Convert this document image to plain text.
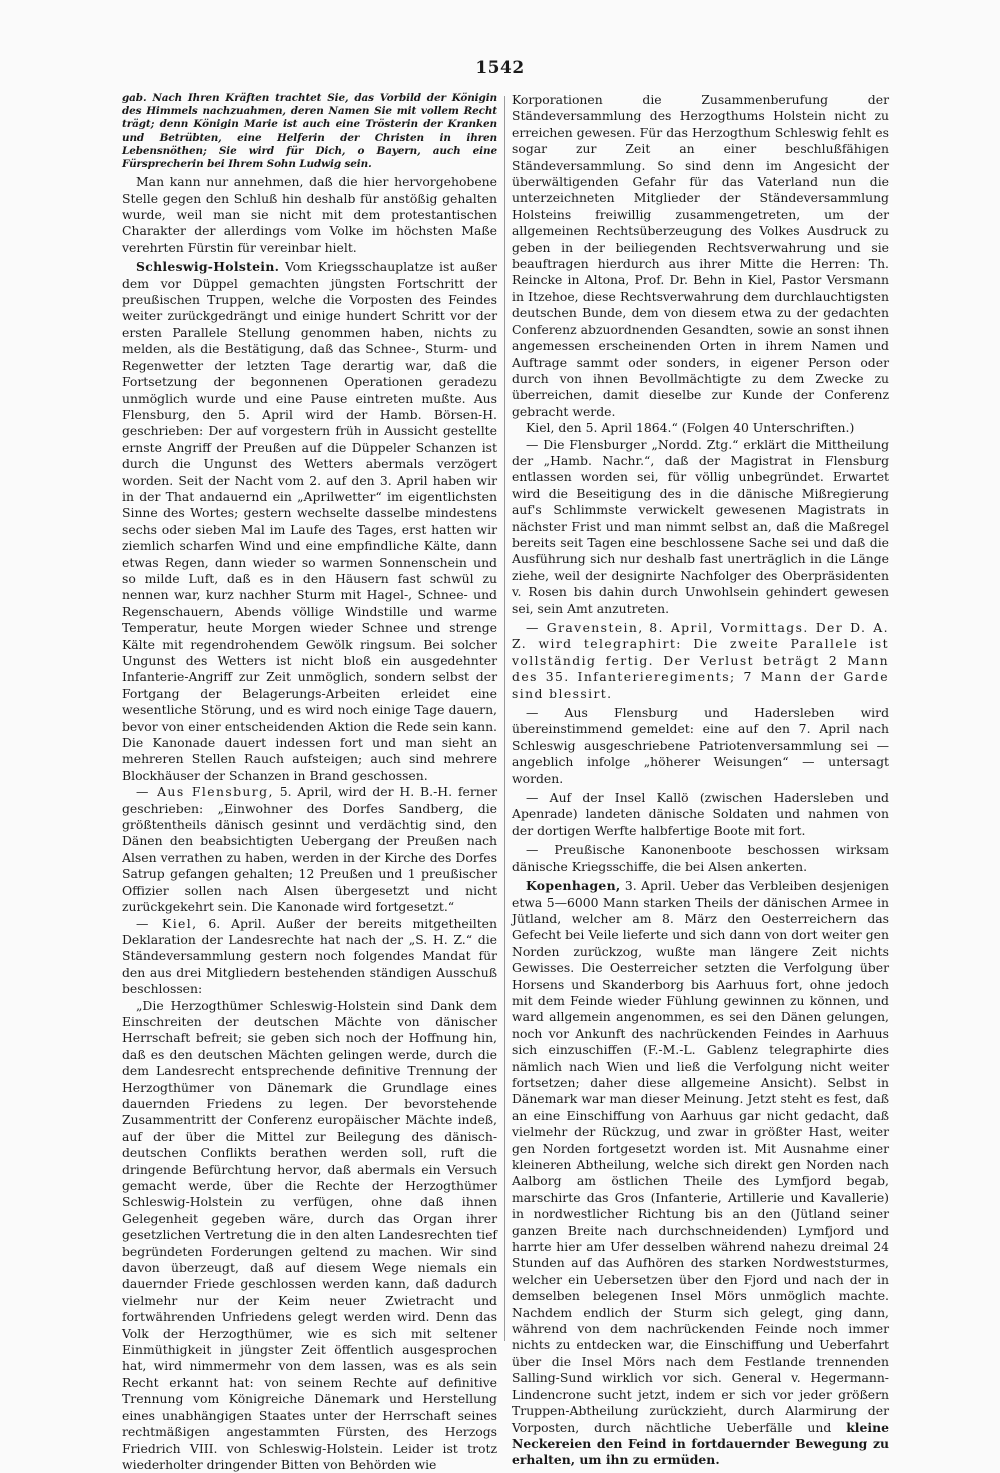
1542

gab. Nach Ihren Kräften trachtet Sie, das Vorbild der Königin des Himmels nachzuahmen, deren Namen Sie mit vollem Recht trägt; denn Königin Marie ist auch eine Trösterin der Kranken und Betrübten, eine Helferin der Christen in ihren Lebensnöthen; Sie wird für Dich, o Bayern, auch eine Fürsprecherin bei Ihrem Sohn Ludwig sein.

Man kann nur annehmen, daß die hier hervorgehobene Stelle gegen den Schluß hin deshalb für anstößig gehalten wurde, weil man sie nicht mit dem protestantischen Charakter der allerdings vom Volke im höchsten Maße verehrten Fürstin für vereinbar hielt.

Schleswig-Holstein. Vom Kriegsschauplatze ist außer dem vor Düppel gemachten jüngsten Fortschritt der preußischen Truppen, welche die Vorposten des Feindes weiter zurückgedrängt und einige hundert Schritt vor der ersten Parallele Stellung genommen haben, nichts zu melden, als die Bestätigung, daß das Schnee-, Sturm- und Regenwetter der letzten Tage derartig war, daß die Fortsetzung der begonnenen Operationen geradezu unmöglich wurde und eine Pause eintreten mußte. Aus Flensburg, den 5. April wird der Hamb. Börsen-H. geschrieben: Der auf vorgestern früh in Aussicht gestellte ernste Angriff der Preußen auf die Düppeler Schanzen ist durch die Ungunst des Wetters abermals verzögert worden. Seit der Nacht vom 2. auf den 3. April haben wir in der That andauernd ein „Aprilwetter“ im eigentlichsten Sinne des Wortes; gestern wechselte dasselbe mindestens sechs oder sieben Mal im Laufe des Tages, erst hatten wir ziemlich scharfen Wind und eine empfindliche Kälte, dann etwas Regen, dann wieder so warmen Sonnenschein und so milde Luft, daß es in den Häusern fast schwül zu nennen war, kurz nachher Sturm mit Hagel-, Schnee- und Regenschauern, Abends völlige Windstille und warme Temperatur, heute Morgen wieder Schnee und strenge Kälte mit regendrohendem Gewölk ringsum. Bei solcher Ungunst des Wetters ist nicht bloß ein ausgedehnter Infanterie-Angriff zur Zeit unmöglich, sondern selbst der Fortgang der Belagerungs-Arbeiten erleidet eine wesentliche Störung, und es wird noch einige Tage dauern, bevor von einer entscheidenden Aktion die Rede sein kann. Die Kanonade dauert indessen fort und man sieht an mehreren Stellen Rauch aufsteigen; auch sind mehrere Blockhäuser der Schanzen in Brand geschossen.

— Aus Flensburg, 5. April, wird der H. B.-H. ferner geschrieben: „Einwohner des Dorfes Sandberg, die größtentheils dänisch gesinnt und verdächtig sind, den Dänen den beabsichtigten Uebergang der Preußen nach Alsen verrathen zu haben, werden in der Kirche des Dorfes Satrup gefangen gehalten; 12 Preußen und 1 preußischer Offizier sollen nach Alsen übergesetzt und nicht zurückgekehrt sein. Die Kanonade wird fortgesetzt.“

— Kiel, 6. April. Außer der bereits mitgetheilten Deklaration der Landesrechte hat nach der „S. H. Z.“ die Ständeversammlung gestern noch folgendes Mandat für den aus drei Mitgliedern bestehenden ständigen Ausschuß beschlossen:

„Die Herzogthümer Schleswig-Holstein sind Dank dem Einschreiten der deutschen Mächte von dänischer Herrschaft befreit; sie geben sich noch der Hoffnung hin, daß es den deutschen Mächten gelingen werde, durch die dem Landesrecht entsprechende definitive Trennung der Herzogthümer von Dänemark die Grundlage eines dauernden Friedens zu legen. Der bevorstehende Zusammentritt der Conferenz europäischer Mächte indeß, auf der über die Mittel zur Beilegung des dänisch-deutschen Conflikts berathen werden soll, ruft die dringende Befürchtung hervor, daß abermals ein Versuch gemacht werde, über die Rechte der Herzogthümer Schleswig-Holstein zu verfügen, ohne daß ihnen Gelegenheit gegeben wäre, durch das Organ ihrer gesetzlichen Vertretung die in den alten Landesrechten tief begründeten Forderungen geltend zu machen. Wir sind davon überzeugt, daß auf diesem Wege niemals ein dauernder Friede geschlossen werden kann, daß dadurch vielmehr nur der Keim neuer Zwietracht und fortwährenden Unfriedens gelegt werden wird. Denn das Volk der Herzogthümer, wie es sich mit seltener Einmüthigkeit in jüngster Zeit öffentlich ausgesprochen hat, wird nimmermehr von dem lassen, was es als sein Recht erkannt hat: von seinem Rechte auf definitive Trennung vom Königreiche Dänemark und Herstellung eines unabhängigen Staates unter der Herrschaft seines rechtmäßigen angestammten Fürsten, des Herzogs Friedrich VIII. von Schleswig-Holstein. Leider ist trotz wiederholter dringender Bitten von Behörden wie

Korporationen die Zusammenberufung der Ständeversammlung des Herzogthums Holstein nicht zu erreichen gewesen. Für das Herzogthum Schleswig fehlt es sogar zur Zeit an einer beschlußfähigen Ständeversammlung. So sind denn im Angesicht der überwältigenden Gefahr für das Vaterland nun die unterzeichneten Mitglieder der Ständeversammlung Holsteins freiwillig zusammengetreten, um der allgemeinen Rechtsüberzeugung des Volkes Ausdruck zu geben in der beiliegenden Rechtsverwahrung und sie beauftragen hierdurch aus ihrer Mitte die Herren: Th. Reincke in Altona, Prof. Dr. Behn in Kiel, Pastor Versmann in Itzehoe, diese Rechtsverwahrung dem durchlauchtigsten deutschen Bunde, dem von diesem etwa zu der gedachten Conferenz abzuordnenden Gesandten, sowie an sonst ihnen angemessen erscheinenden Orten in ihrem Namen und Auftrage sammt oder sonders, in eigener Person oder durch von ihnen Bevollmächtigte zu dem Zwecke zu überreichen, damit dieselbe zur Kunde der Conferenz gebracht werde.

Kiel, den 5. April 1864.“ (Folgen 40 Unterschriften.)

— Die Flensburger „Nordd. Ztg.“ erklärt die Mittheilung der „Hamb. Nachr.“, daß der Magistrat in Flensburg entlassen worden sei, für völlig unbegründet. Erwartet wird die Beseitigung des in die dänische Mißregierung auf's Schlimmste verwickelt gewesenen Magistrats in nächster Frist und man nimmt selbst an, daß die Maßregel bereits seit Tagen eine beschlossene Sache sei und daß die Ausführung sich nur deshalb fast unerträglich in die Länge ziehe, weil der designirte Nachfolger des Oberpräsidenten v. Rosen bis dahin durch Unwohlsein gehindert gewesen sei, sein Amt anzutreten.

— Gravenstein, 8. April, Vormittags. Der D. A. Z. wird telegraphirt: Die zweite Parallele ist vollständig fertig. Der Verlust beträgt 2 Mann des 35. Infanterieregiments; 7 Mann der Garde sind blessirt.

— Aus Flensburg und Hadersleben wird übereinstimmend gemeldet: eine auf den 7. April nach Schleswig ausgeschriebene Patriotenversammlung sei — angeblich infolge „höherer Weisungen“ — untersagt worden.

— Auf der Insel Kallö (zwischen Hadersleben und Apenrade) landeten dänische Soldaten und nahmen von der dortigen Werfte halbfertige Boote mit fort.

— Preußische Kanonenboote beschossen wirksam dänische Kriegsschiffe, die bei Alsen ankerten.

Kopenhagen, 3. April. Ueber das Verbleiben desjenigen etwa 5—6000 Mann starken Theils der dänischen Armee in Jütland, welcher am 8. März den Oesterreichern das Gefecht bei Veile lieferte und sich dann von dort weiter gen Norden zurückzog, wußte man längere Zeit nichts Gewisses. Die Oesterreicher setzten die Verfolgung über Horsens und Skanderborg bis Aarhuus fort, ohne jedoch mit dem Feinde wieder Fühlung gewinnen zu können, und ward allgemein angenommen, es sei den Dänen gelungen, noch vor Ankunft des nachrückenden Feindes in Aarhuus sich einzuschiffen (F.-M.-L. Gablenz telegraphirte dies nämlich nach Wien und ließ die Verfolgung nicht weiter fortsetzen; daher diese allgemeine Ansicht). Selbst in Dänemark war man dieser Meinung. Jetzt steht es fest, daß an eine Einschiffung von Aarhuus gar nicht gedacht, daß vielmehr der Rückzug, und zwar in größter Hast, weiter gen Norden fortgesetzt worden ist. Mit Ausnahme einer kleineren Abtheilung, welche sich direkt gen Norden nach Aalborg am östlichen Theile des Lymfjord begab, marschirte das Gros (Infanterie, Artillerie und Kavallerie) in nordwestlicher Richtung bis an den (Jütland seiner ganzen Breite nach durchschneidenden) Lymfjord und harrte hier am Ufer desselben während nahezu dreimal 24 Stunden auf das Aufhören des starken Nordweststurmes, welcher ein Uebersetzen über den Fjord und nach der in demselben belegenen Insel Mörs unmöglich machte. Nachdem endlich der Sturm sich gelegt, ging dann, während von dem nachrückenden Feinde noch immer nichts zu entdecken war, die Einschiffung und Ueberfahrt über die Insel Mörs nach dem Festlande trennenden Salling-Sund wirklich vor sich. General v. Hegermann-Lindencrone sucht jetzt, indem er sich vor jeder größern Truppen-Abtheilung zurückzieht, durch Alarmirung der Vorposten, durch nächtliche Ueberfälle und kleine Neckereien den Feind in fortdauernder Bewegung zu erhalten, um ihn zu ermüden.
